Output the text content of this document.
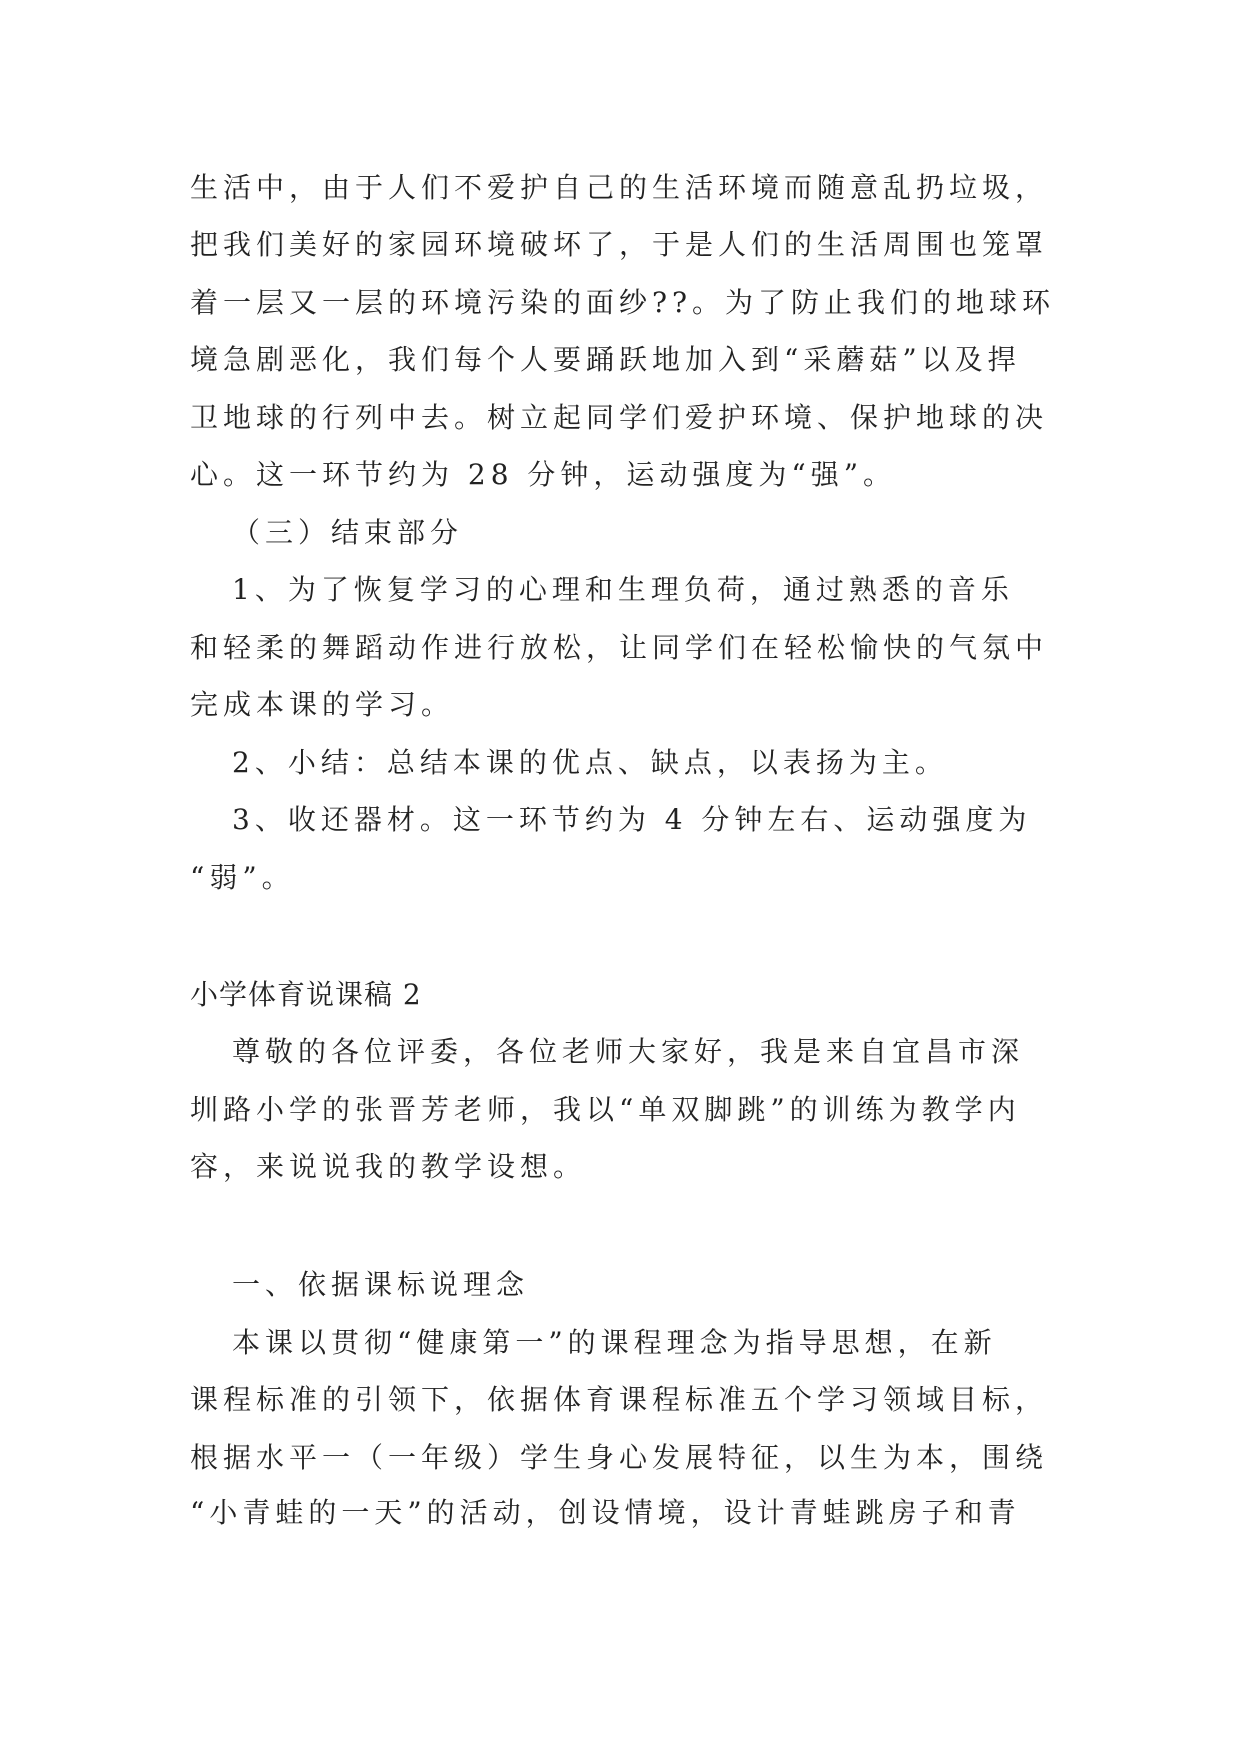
生活中，由于人们不爱护自己的生活环境而随意乱扔垃圾，
把我们美好的家园环境破坏了，于是人们的生活周围也笼罩
着一层又一层的环境污染的面纱??。为了防止我们的地球环
境急剧恶化，我们每个人要踊跃地加入到“采蘑菇”以及捍
卫地球的行列中去。树立起同学们爱护环境、保护地球的决
心。这一环节约为 28 分钟，运动强度为“强”。
（三）结束部分
1、为了恢复学习的心理和生理负荷，通过熟悉的音乐
和轻柔的舞蹈动作进行放松，让同学们在轻松愉快的气氛中
完成本课的学习。
2、小结：总结本课的优点、缺点，以表扬为主。
3、收还器材。这一环节约为 4 分钟左右、运动强度为
“弱”。
小学体育说课稿 2
尊敬的各位评委，各位老师大家好，我是来自宜昌市深
圳路小学的张晋芳老师，我以“单双脚跳”的训练为教学内
容，来说说我的教学设想。
一、依据课标说理念
本课以贯彻“健康第一”的课程理念为指导思想，在新
课程标准的引领下，依据体育课程标准五个学习领域目标，
根据水平一（一年级）学生身心发展特征，以生为本，围绕
“小青蛙的一天”的活动，创设情境，设计青蛙跳房子和青
